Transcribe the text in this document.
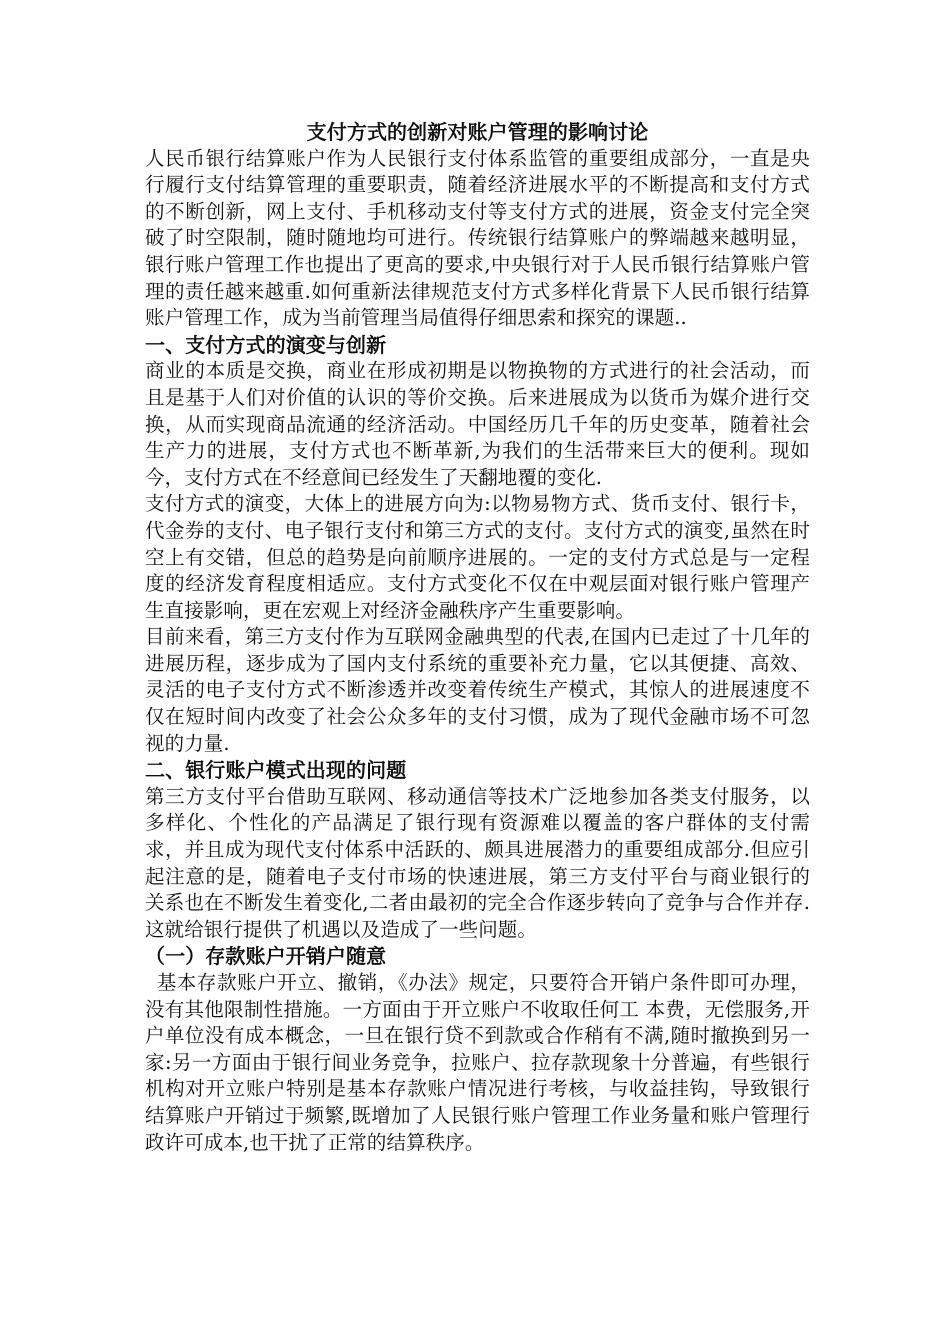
支付方式的创新对账户管理的影响讨论

人民币银行结算账户作为人民银行支付体系监管的重要组成部分，一直是央行履行支付结算管理的重要职责，随着经济进展水平的不断提高和支付方式的不断创新，网上支付、手机移动支付等支付方式的进展，资金支付完全突破了时空限制，随时随地均可进行。传统银行结算账户的弊端越来越明显，银行账户管理工作也提出了更高的要求,中央银行对于人民币银行结算账户管理的责任越来越重.如何重新法律规范支付方式多样化背景下人民币银行结算账户管理工作，成为当前管理当局值得仔细思索和探究的课题..

一、支付方式的演变与创新

商业的本质是交换，商业在形成初期是以物换物的方式进行的社会活动，而且是基于人们对价值的认识的等价交换。后来进展成为以货币为媒介进行交换，从而实现商品流通的经济活动。中国经历几千年的历史变革，随着社会生产力的进展，支付方式也不断革新,为我们的生活带来巨大的便利。现如今，支付方式在不经意间已经发生了天翻地覆的变化.

支付方式的演变，大体上的进展方向为:以物易物方式、货币支付、银行卡，代金券的支付、电子银行支付和第三方式的支付。支付方式的演变,虽然在时空上有交错，但总的趋势是向前顺序进展的。一定的支付方式总是与一定程度的经济发育程度相适应。支付方式变化不仅在中观层面对银行账户管理产生直接影响，更在宏观上对经济金融秩序产生重要影响。

目前来看，第三方支付作为互联网金融典型的代表,在国内已走过了十几年的进展历程，逐步成为了国内支付系统的重要补充力量，它以其便捷、高效、灵活的电子支付方式不断渗透并改变着传统生产模式，其惊人的进展速度不仅在短时间内改变了社会公众多年的支付习惯，成为了现代金融市场不可忽视的力量.

二、银行账户模式出现的问题

第三方支付平台借助互联网、移动通信等技术广泛地参加各类支付服务，以多样化、个性化的产品满足了银行现有资源难以覆盖的客户群体的支付需求，并且成为现代支付体系中活跃的、颇具进展潜力的重要组成部分.但应引起注意的是，随着电子支付市场的快速进展，第三方支付平台与商业银行的关系也在不断发生着变化,二者由最初的完全合作逐步转向了竞争与合作并存.这就给银行提供了机遇以及造成了一些问题。

（一）存款账户开销户随意

基本存款账户开立、撤销，《办法》规定，只要符合开销户条件即可办理，没有其他限制性措施。一方面由于开立账户不收取任何工 本费，无偿服务,开户单位没有成本概念，一旦在银行贷不到款或合作稍有不满,随时撤换到另一家:另一方面由于银行间业务竞争，拉账户、拉存款现象十分普遍，有些银行机构对开立账户特别是基本存款账户情况进行考核，与收益挂钩，导致银行结算账户开销过于频繁,既增加了人民银行账户管理工作业务量和账户管理行政许可成本,也干扰了正常的结算秩序。
